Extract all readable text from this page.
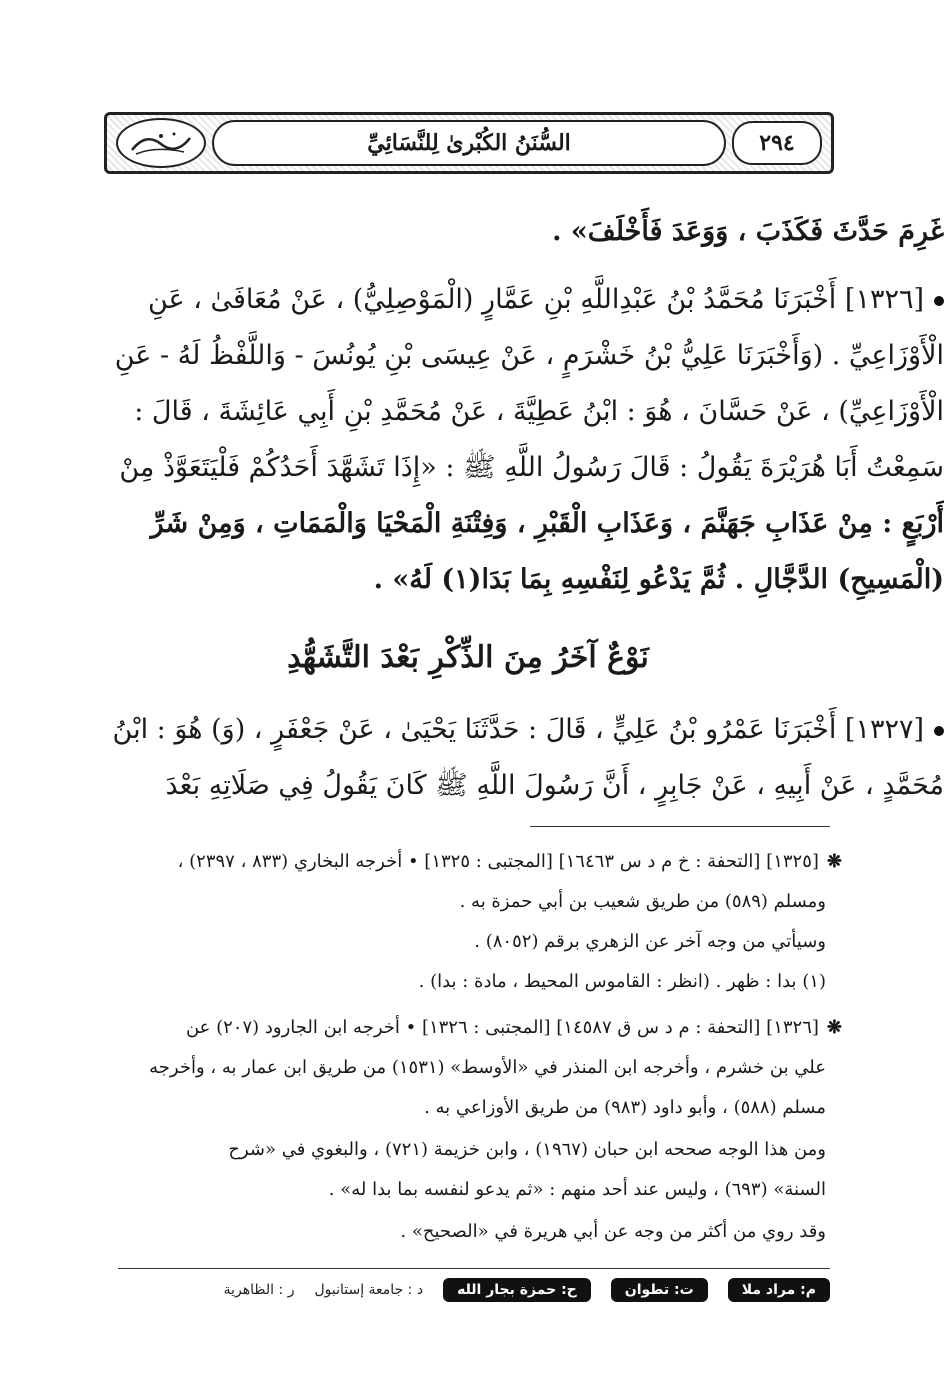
السُّنَنُ الكُبْرىٰ لِلنَّسَائِيِّ	٢٩٤
غَرِمَ حَدَّثَ فَكَذَبَ ، وَوَعَدَ فَأَخْلَفَ» .
[١٣٢٦] أَخْبَرَنَا مُحَمَّدُ بْنُ عَبْدِاللَّهِ بْنِ عَمَّارٍ (الْمَوْصِلِيُّ) ، عَنْ مُعَافَىٰ ، عَنِ
الْأَوْزَاعِيِّ . (وَأَخْبَرَنَا عَلِيُّ بْنُ خَشْرَمٍ ، عَنْ عِيسَى بْنِ يُونُسَ - وَاللَّفْظُ لَهُ - عَنِ
الْأَوْزَاعِيِّ) ، عَنْ حَسَّانَ ، هُوَ : ابْنُ عَطِيَّةَ ، عَنْ مُحَمَّدِ بْنِ أَبِي عَائِشَةَ ، قَالَ :
سَمِعْتُ أَبَا هُرَيْرَةَ يَقُولُ : قَالَ رَسُولُ اللَّهِ ﷺ : «إِذَا تَشَهَّدَ أَحَدُكُمْ فَلْيَتَعَوَّذْ مِنْ
أَرْبَعٍ : مِنْ عَذَابِ جَهَنَّمَ ، وَعَذَابِ الْقَبْرِ ، وَفِتْنَةِ الْمَحْيَا وَالْمَمَاتِ ، وَمِنْ شَرِّ
(الْمَسِيحِ) الدَّجَّالِ . ثُمَّ يَدْعُو لِنَفْسِهِ بِمَا بَدَا(١) لَهُ» .
نَوْعٌ آخَرُ مِنَ الذِّكْرِ بَعْدَ التَّشَهُّدِ
[١٣٢٧] أَخْبَرَنَا عَمْرُو بْنُ عَلِيٍّ ، قَالَ : حَدَّثَنَا يَحْيَىٰ ، عَنْ جَعْفَرٍ ، (وَ) هُوَ : ابْنُ
مُحَمَّدٍ ، عَنْ أَبِيهِ ، عَنْ جَابِرٍ ، أَنَّ رَسُولَ اللَّهِ ﷺ كَانَ يَقُولُ فِي صَلَاتِهِ بَعْدَ
❋[١٣٢٥] [التحفة : خ م د س ١٦٤٦٣] [المجتبى : ١٣٢٥] • أخرجه البخاري (٨٣٣ ، ٢٣٩٧) ،
ومسلم (٥٨٩) من طريق شعيب بن أبي حمزة به .
وسيأتي من وجه آخر عن الزهري برقم (٨٠٥٢) .
(١) بدا : ظهر . (انظر : القاموس المحيط ، مادة : بدا) .
❋[١٣٢٦] [التحفة : م د س ق ١٤٥٨٧] [المجتبى : ١٣٢٦] • أخرجه ابن الجارود (٢٠٧) عن
علي بن خشرم ، وأخرجه ابن المنذر في «الأوسط» (١٥٣١) من طريق ابن عمار به ، وأخرجه
مسلم (٥٨٨) ، وأبو داود (٩٨٣) من طريق الأوزاعي به .
ومن هذا الوجه صححه ابن حبان (١٩٦٧) ، وابن خزيمة (٧٢١) ، والبغوي في «شرح
السنة» (٦٩٣) ، وليس عند أحد منهم : «ثم يدعو لنفسه بما بدا له» .
وقد روي من أكثر من وجه عن أبي هريرة في «الصحيح» .
م: مراد ملا
ت: تطوان
ح: حمزة بجار الله
د : جامعة إستانبول
ر : الظاهرية
